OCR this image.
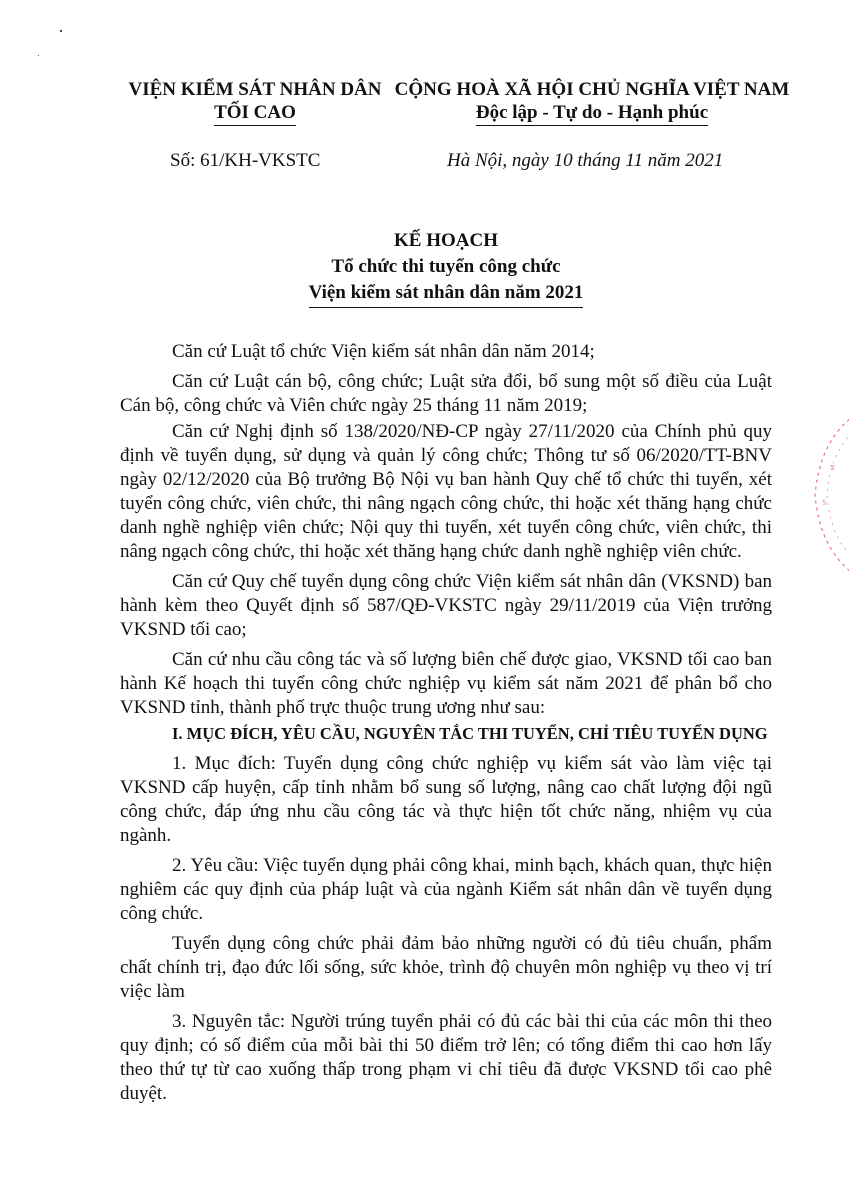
VIỆN KIỂM SÁT NHÂN DÂN
TỐI CAO
CỘNG HOÀ XÃ HỘI CHỦ NGHĨA VIỆT NAM
Độc lập - Tự do - Hạnh phúc
Số: 61/KH-VKSTC	Hà Nội, ngày 10 tháng 11 năm 2021
KẾ HOẠCH
Tổ chức thi tuyển công chức
Viện kiểm sát nhân dân năm 2021

Căn cứ Luật tổ chức Viện kiểm sát nhân dân năm 2014;

Căn cứ Luật cán bộ, công chức; Luật sửa đổi, bổ sung một số điều của Luật Cán bộ, công chức và Viên chức ngày 25 tháng 11 năm 2019;

Căn cứ Nghị định số 138/2020/NĐ-CP ngày 27/11/2020 của Chính phủ quy định về tuyển dụng, sử dụng và quản lý công chức; Thông tư số 06/2020/TT-BNV ngày 02/12/2020 của Bộ trưởng Bộ Nội vụ ban hành Quy chế tổ chức thi tuyển, xét tuyển công chức, viên chức, thi nâng ngạch công chức, thi hoặc xét thăng hạng chức danh nghề nghiệp viên chức; Nội quy thi tuyển, xét tuyển công chức, viên chức, thi nâng ngạch công chức, thi hoặc xét thăng hạng chức danh nghề nghiệp viên chức.

Căn cứ Quy chế tuyển dụng công chức Viện kiểm sát nhân dân (VKSND) ban hành kèm theo Quyết định số 587/QĐ-VKSTC ngày 29/11/2019 của Viện trưởng VKSND tối cao;

Căn cứ nhu cầu công tác và số lượng biên chế được giao, VKSND tối cao ban hành Kế hoạch thi tuyển công chức nghiệp vụ kiểm sát năm 2021 để phân bổ cho VKSND tỉnh, thành phố trực thuộc trung ương như sau:

I. MỤC ĐÍCH, YÊU CẦU, NGUYÊN TẮC THI TUYỂN, CHỈ TIÊU TUYỂN DỤNG

1. Mục đích: Tuyển dụng công chức nghiệp vụ kiểm sát vào làm việc tại VKSND cấp huyện, cấp tỉnh nhằm bổ sung số lượng, nâng cao chất lượng đội ngũ công chức, đáp ứng nhu cầu công tác và thực hiện tốt chức năng, nhiệm vụ của ngành.

2. Yêu cầu: Việc tuyển dụng phải công khai, minh bạch, khách quan, thực hiện nghiêm các quy định của pháp luật và của ngành Kiểm sát nhân dân về tuyển dụng công chức.

Tuyển dụng công chức phải đảm bảo những người có đủ tiêu chuẩn, phẩm chất chính trị, đạo đức lối sống, sức khỏe, trình độ chuyên môn nghiệp vụ theo vị trí việc làm

3. Nguyên tắc: Người trúng tuyển phải có đủ các bài thi của các môn thi theo quy định; có số điểm của mỗi bài thi 50 điểm trở lên; có tổng điểm thi cao hơn lấy theo thứ tự từ cao xuống thấp trong phạm vi chỉ tiêu đã được VKSND tối cao phê duyệt.

ร
S
